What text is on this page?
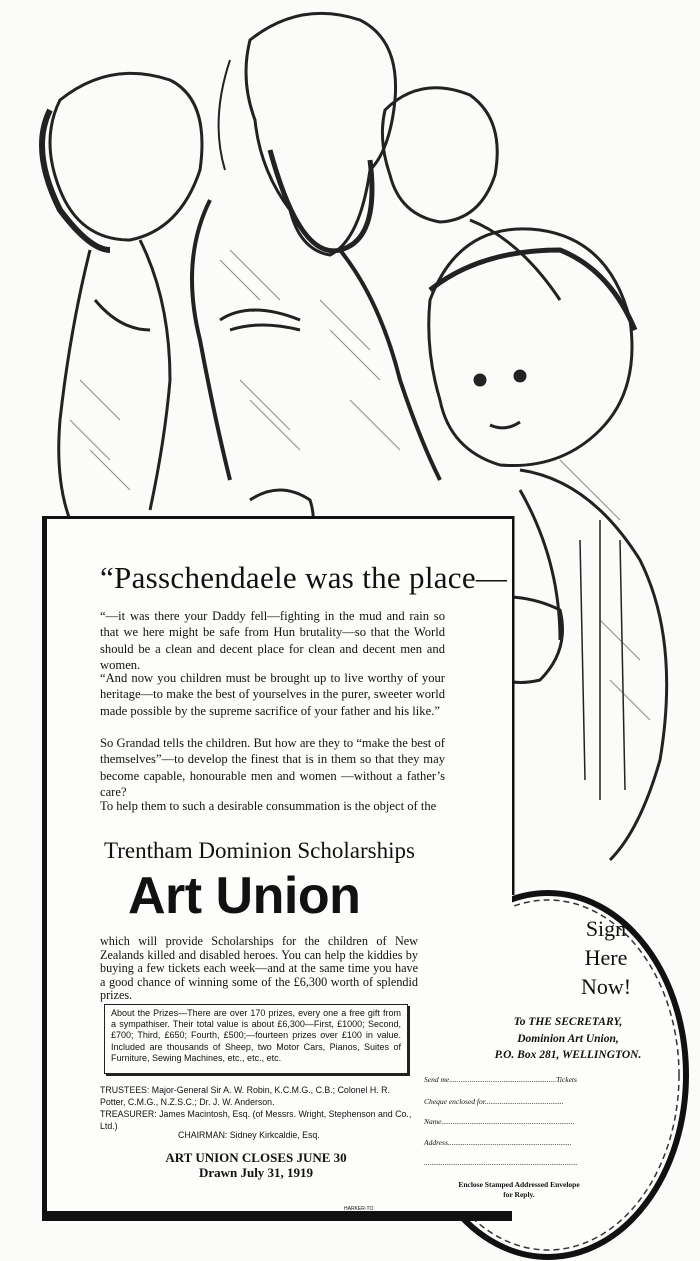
“Passchendaele was the place—

“—it was there your Daddy fell—fighting in the mud and rain so that we here might be safe from Hun brutality—so that the World should be a clean and decent place for clean and decent men and women.

“And now you children must be brought up to live worthy of your heritage—to make the best of yourselves in the purer, sweeter world made possible by the supreme sacrifice of your father and his like.”

So Grandad tells the children. But how are they to “make the best of themselves”—to develop the finest that is in them so that they may become capable, honourable men and women —without a father’s care?

To help them to such a desirable consummation is the object of the

Trentham Dominion Scholarships
Art Union

which will provide Scholarships for the children of New Zealands killed and disabled heroes. You can help the kiddies by buying a few tickets each week—and at the same time you have a good chance of winning some of the £6,300 worth of splendid prizes.

About the Prizes—There are over 170 prizes, every one a free gift from a sympathiser. Their total value is about £6,300—First, £1000; Second, £700; Third, £650; Fourth, £500;—fourteen prizes over £100 in value. Included are thousands of Sheep, two Motor Cars, Pianos, Suites of Furniture, Sewing Machines, etc., etc., etc.
TRUSTEES: Major-General Sir A. W. Robin, K.C.M.G., C.B.; Colonel H. R. Potter, C.M.G., N.Z.S.C.; Dr. J. W. Anderson.
TREASURER: James Macintosh, Esq. (of Messrs. Wright, Stephenson and Co., Ltd.)
CHAIRMAN: Sidney Kirkcaldie, Esq.
ART UNION CLOSES JUNE 30
Drawn July 31, 1919
HARKER-TO
Sign
Here
Now!
To THE SECRETARY,
Dominion Art Union,
P.O. Box 281, WELLINGTON.
Send me.........................................................Tickets
Cheque enclosed for..........................................
Name.......................................................................
Address..................................................................
..................................................................................
Enclose Stamped Addressed Envelope
for Reply.
